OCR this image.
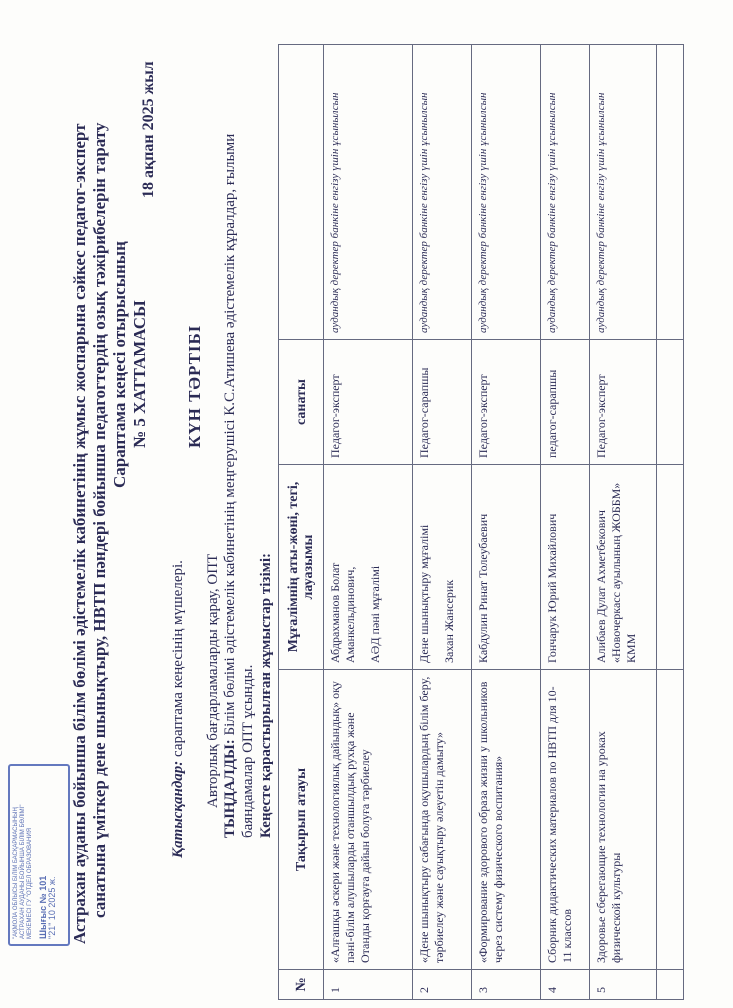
"АҚМОЛА ОБЛЫСЫ БІЛІМ БАСҚАРМАСЫНЫҢ АСТРАХАН АУДАНЫ БОЙЫНША БІЛІМ БӨЛІМІ" МЕКЕМЕСІ ГУ "ОТДЕЛ ОБРАЗОВАНИЯ Шығыс № 101 "21" 10 2025 ж. Астрахан ауданы бойынша білім бөлімі әдістемелік кабинетінің жұмыс жоспарына сәйкес педагог-эксперт санатына үміткер дене шынықтыру, НВТП пәндері бойынша педагогтердің озық тәжірибелерін тарату Сараптама кеңесі отырысының № 5 ХАТТАМАСЫ
18 ақпан 2025 жыл
Қатысқандар: сараптама кеңесінің мүшелері.
КҮН ТӘРТІБІ
Авторлық бағдарламаларды қарау, ОПТ ТЫҢДАЛДЫ: Білім бөлімі әдістемелік кабинетінің меңгерушісі К.С.Атишева әдістемелік құралдар, ғылыми
баяндамалар ОПТ ұсынды. Кеңесте қарастырылған жұмыстар тізімі:
№	Тақырып атауы	Мұғалімнің аты-жөні, тегі, лауазымы	санаты	
1	«Алғашқы әскери және технологиялық дайындық» оқу пәні-білім алушыларды отаншылдық рухқа және Отанды қорғауға дайын болуға тәрбиелеу	Абдрахманов Болат Аманкельдинович, АӘД пәні мұғалімі	Педагог-эксперт	аудандық деректер банкіне енгізу үшін ұсынылсын
2	«Дене шынықтыру сабағында оқушылардың білім беру, тәрбиелеу және сауықтыру әлеуетін дамыту»	Дене шынықтыру мұғалімі Захан Жансерик	Педагог-сарапшы	аудандық деректер банкіне енгізу үшін ұсынылсын
3	«Формирование здорового образа жизни у школьников через систему физического воспитания»	Кабдулин Ринат Толеубаевич	Педагог-эксперт	аудандық деректер банкіне енгізу үшін ұсынылсын
4	Сборник дидактических материалов по НВТП для 10-11 классов	Гончарук Юрий Михайлович	педагог-сарапшы	аудандық деректер банкіне енгізу үшін ұсынылсын
5	Здоровье сберегающие технологии на уроках физической культуры	Алибаев Дулат Ахметбекович «Новочеркасс ауылының ЖОББМ» КММ	Педагог-эксперт	аудандық деректер банкіне енгізу үшін ұсынылсын
